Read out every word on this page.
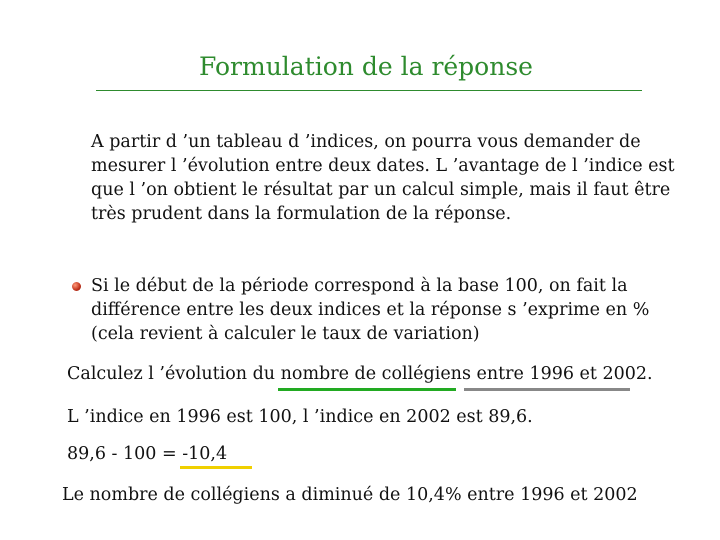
Formulation de la réponse
A partir d ’un tableau d ’indices, on pourra vous demander de
mesurer l ’évolution entre deux dates. L ’avantage de l ’indice est
que l ’on obtient le résultat par un calcul simple, mais il faut être
très prudent dans la formulation de la réponse.
Si le début de la période correspond à la base 100, on fait la
différence entre les deux indices et la réponse s ’exprime en %
(cela revient à calculer le taux de variation)
Calculez l ’évolution du nombre de collégiens entre 1996 et 2002.
L ’indice en 1996 est 100, l ’indice en 2002 est 89,6.
89,6 - 100 = -10,4
Le nombre de collégiens a diminué de 10,4% entre 1996 et 2002
